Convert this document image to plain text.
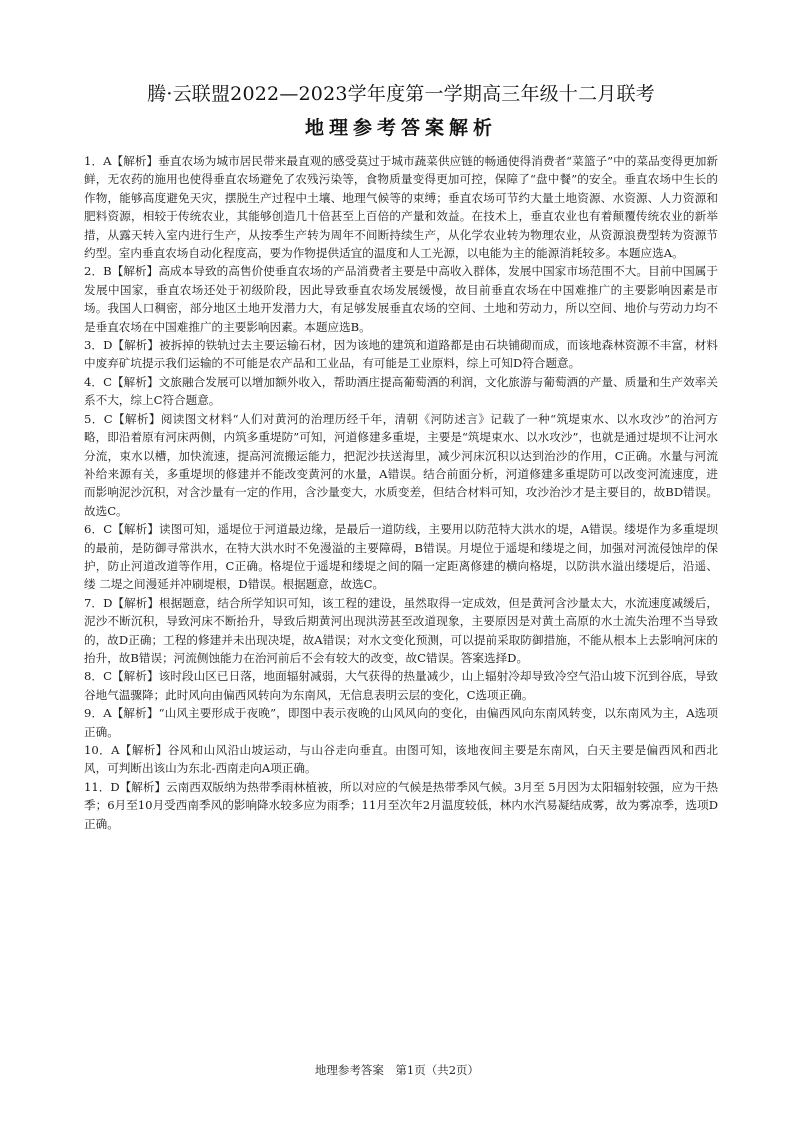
腾·云联盟2022—2023学年度第一学期高三年级十二月联考
地理参考答案解析

1．A【解析】垂直农场为城市居民带来最直观的感受莫过于城市蔬菜供应链的畅通使得消费者“菜篮子”中的菜品变得更加新鲜，无农药的施用也使得垂直农场避免了农残污染等，食物质量变得更加可控，保障了“盘中餐”的安全。垂直农场中生长的作物，能够高度避免天灾，摆脱生产过程中土壤、地理气候等的束缚；垂直农场可节约大量土地资源、水资源、人力资源和肥料资源，相较于传统农业，其能够创造几十倍甚至上百倍的产量和效益。在技术上，垂直农业也有着颠覆传统农业的新举措，从露天转入室内进行生产，从按季生产转为周年不间断持续生产，从化学农业转为物理农业，从资源浪费型转为资源节约型。室内垂直农场自动化程度高，要为作物提供适宜的温度和人工光源，以电能为主的能源消耗较多。本题应选A。

2．B【解析】高成本导致的高售价使垂直农场的产品消费者主要是中高收入群体，发展中国家市场范围不大。目前中国属于发展中国家，垂直农场还处于初级阶段，因此导致垂直农场发展缓慢，故目前垂直农场在中国难推广的主要影响因素是市场。我国人口稠密，部分地区土地开发潜力大，有足够发展垂直农场的空间、土地和劳动力，所以空间、地价与劳动力均不是垂直农场在中国难推广的主要影响因素。本题应选B。

3．D【解析】被拆掉的铁轨过去主要运输石材，因为该地的建筑和道路都是由石块铺砌而成，而该地森林资源不丰富，材料中废弃矿坑提示我们运输的不可能是农产品和工业品，有可能是工业原料，综上可知D符合题意。

4．C【解析】文旅融合发展可以增加额外收入，帮助酒庄提高葡萄酒的利润，文化旅游与葡萄酒的产量、质量和生产效率关系不大，综上C符合题意。

5．C【解析】阅读图文材料“人们对黄河的治理历经千年，清朝《河防述言》记载了一种“筑堤束水、以水攻沙”的治河方略，即沿着原有河床两侧，内筑多重堤防”可知，河道修建多重堤，主要是“筑堤束水、以水攻沙”，也就是通过堤坝不让河水分流，束水以槽，加快流速，提高河流搬运能力，把泥沙扶送海里，减少河床沉积以达到治沙的作用，C正确。水量与河流补给来源有关，多重堤坝的修建并不能改变黄河的水量，A错误。结合前面分析，河道修建多重堤防可以改变河流速度，进而影响泥沙沉积，对含沙量有一定的作用，含沙量变大，水质变差，但结合材料可知，攻沙治沙才是主要目的，故BD错误。故选C。

6．C【解析】读图可知，遥堤位于河道最边缘，是最后一道防线，主要用以防范特大洪水的堤，A错误。缕堤作为多重堤坝的最前，是防御寻常洪水，在特大洪水时不免漫溢的主要障碍，B错误。月堤位于遥堤和缕堤之间，加强对河流侵蚀岸的保护，防止河道改道等作用，C正确。格堤位于遥堤和缕堤之间的隔一定距离修建的横向格堤，以防洪水溢出缕堤后，沿遥、缕 二堤之间漫延并冲刷堤根，D错误。根据题意，故选C。

7．D【解析】根据题意，结合所学知识可知，该工程的建设，虽然取得一定成效，但是黄河含沙量太大，水流速度减缓后，泥沙不断沉积，导致河床不断抬升，导致后期黄河出现洪涝甚至改道现象，主要原因是对黄土高原的水土流失治理不当导致的，故D正确；工程的修建并未出现决堤，故A错误；对水文变化预测，可以提前采取防御措施，不能从根本上去影响河床的抬升，故B错误；河流侧蚀能力在治河前后不会有较大的改变，故C错误。答案选择D。

8．C【解析】该时段山区已日落，地面辐射减弱，大气获得的热量减少，山上辐射冷却导致冷空气沿山坡下沉到谷底，导致谷地气温骤降；此时风向由偏西风转向为东南风，无信息表明云层的变化，C选项正确。

9．A【解析】“山风主要形成于夜晚”，即图中表示夜晚的山风风向的变化，由偏西风向东南风转变，以东南风为主，A选项正确。

10．A【解析】谷风和山风沿山坡运动，与山谷走向垂直。由图可知，该地夜间主要是东南风，白天主要是偏西风和西北风，可判断出该山为东北-西南走向A项正确。

11．D【解析】云南西双版纳为热带季雨林植被，所以对应的气候是热带季风气候。3月至 5月因为太阳辐射较强，应为干热季；6月至10月受西南季风的影响降水较多应为雨季；11月至次年2月温度较低，林内水汽易凝结成雾，故为雾凉季，选项D正确。

地理参考答案　第1页（共2页）
